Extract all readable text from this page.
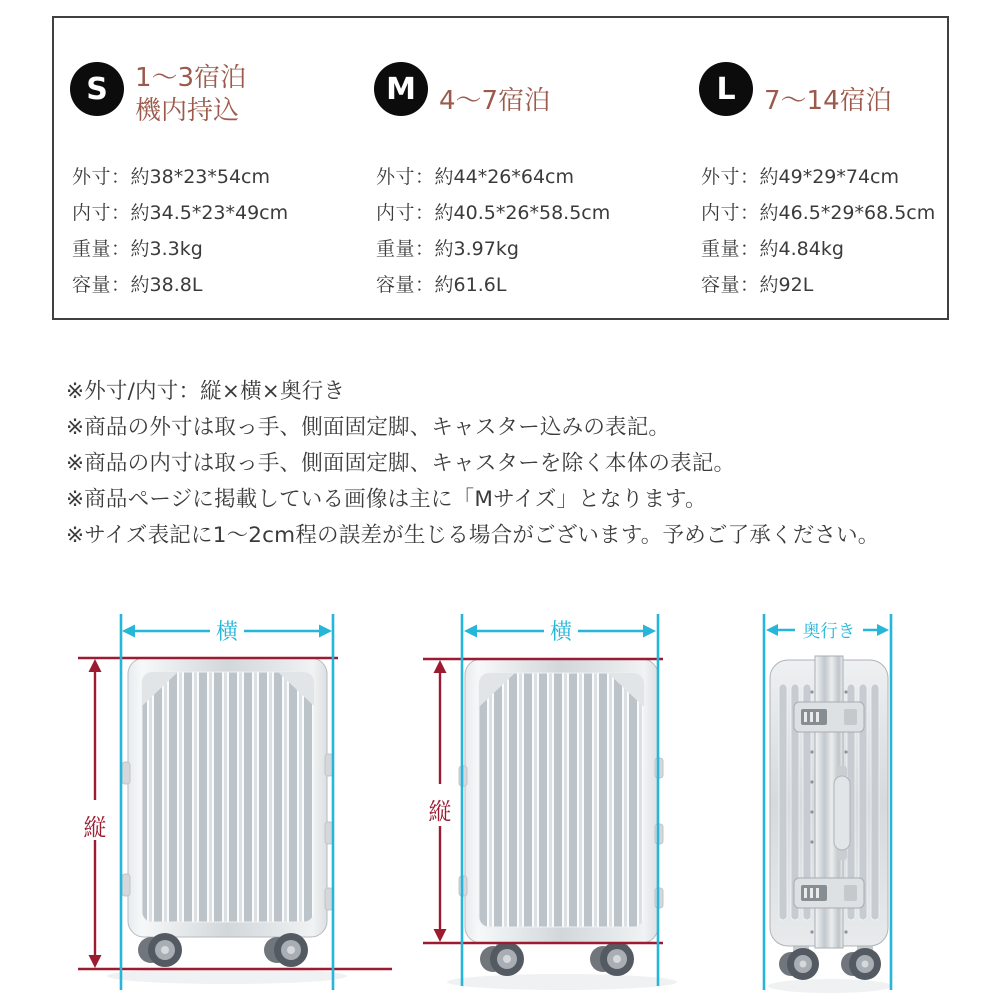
S	1〜3宿泊
機内持込
外寸：約38*23*54cm
内寸：約34.5*23*49cm
重量：約3.3kg
容量：約38.8L
M 4〜7宿泊
外寸：約44*26*64cm
内寸：約40.5*26*58.5cm
重量：約3.97kg
容量：約61.6L
L	7〜14宿泊
外寸：約49*29*74cm
内寸：約46.5*29*68.5cm
重量：約4.84kg
容量：約92L
※外寸/内寸：縦×横×奥行き
※商品の外寸は取っ手、側面固定脚、キャスター込みの表記。
※商品の内寸は取っ手、側面固定脚、キャスターを除く本体の表記。
※商品ページに掲載している画像は主に「Mサイズ」となります。
※サイズ表記に1〜2cm程の誤差が生じる場合がございます。予めご了承ください。
縦
横
縦
横	奥行き
